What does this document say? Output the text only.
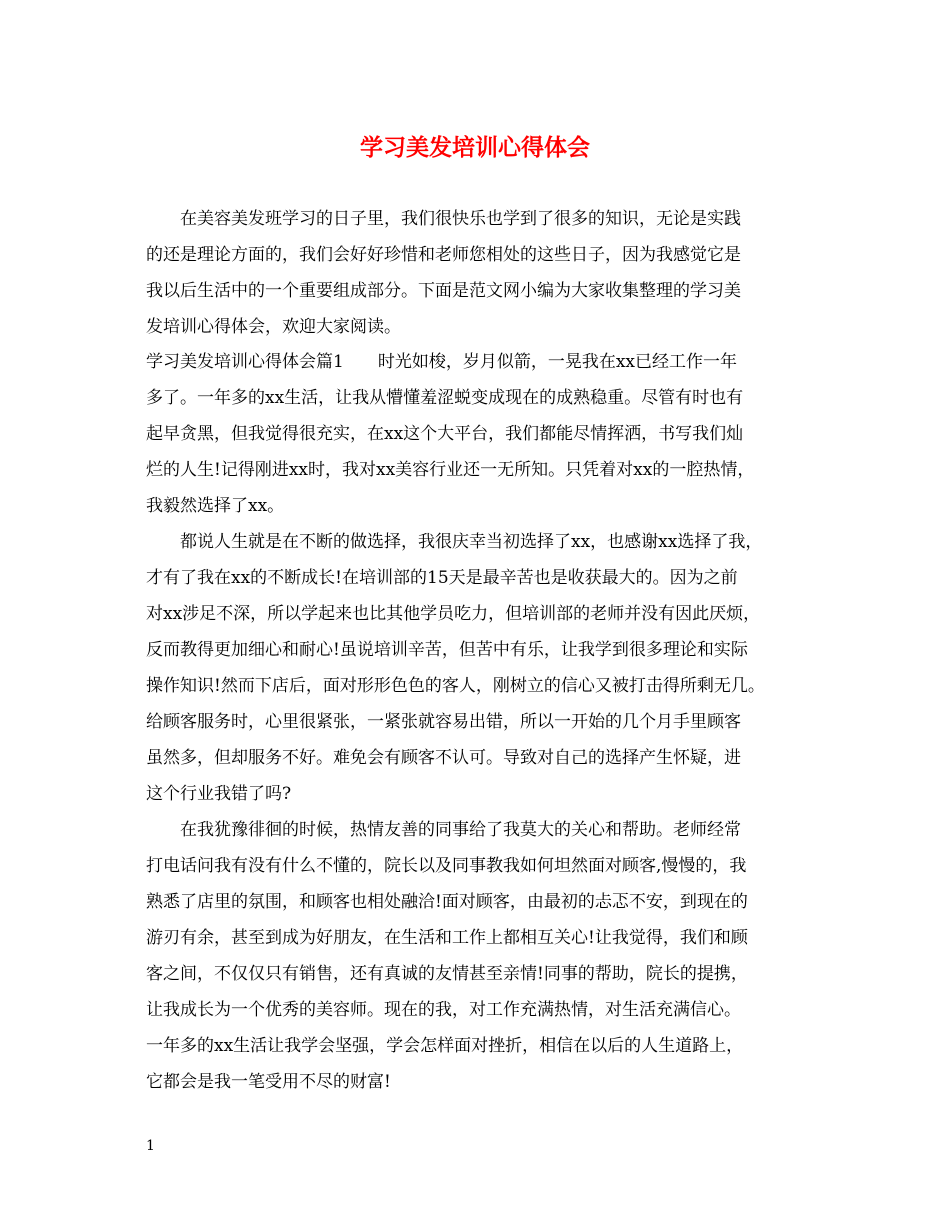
学习美发培训心得体会
在美容美发班学习的日子里，我们很快乐也学到了很多的知识，无论是实践
的还是理论方面的，我们会好好珍惜和老师您相处的这些日子，因为我感觉它是
我以后生活中的一个重要组成部分。下面是范文网小编为大家收集整理的学习美
发培训心得体会，欢迎大家阅读。
学习美发培训心得体会篇1　　时光如梭，岁月似箭，一晃我在xx已经工作一年
多了。一年多的xx生活，让我从懵懂羞涩蜕变成现在的成熟稳重。尽管有时也有
起早贪黑，但我觉得很充实，在xx这个大平台，我们都能尽情挥洒，书写我们灿
烂的人生!记得刚进xx时，我对xx美容行业还一无所知。只凭着对xx的一腔热情，
我毅然选择了xx。
都说人生就是在不断的做选择，我很庆幸当初选择了xx，也感谢xx选择了我，
才有了我在xx的不断成长!在培训部的15天是最辛苦也是收获最大的。因为之前
对xx涉足不深，所以学起来也比其他学员吃力，但培训部的老师并没有因此厌烦，
反而教得更加细心和耐心!虽说培训辛苦，但苦中有乐，让我学到很多理论和实际
操作知识!然而下店后，面对形形色色的客人，刚树立的信心又被打击得所剩无几。
给顾客服务时，心里很紧张，一紧张就容易出错，所以一开始的几个月手里顾客
虽然多，但却服务不好。难免会有顾客不认可。导致对自己的选择产生怀疑，进
这个行业我错了吗?
在我犹豫徘徊的时候，热情友善的同事给了我莫大的关心和帮助。老师经常
打电话问我有没有什么不懂的，院长以及同事教我如何坦然面对顾客,慢慢的，我
熟悉了店里的氛围，和顾客也相处融洽!面对顾客，由最初的忐忑不安，到现在的
游刃有余，甚至到成为好朋友，在生活和工作上都相互关心!让我觉得，我们和顾
客之间，不仅仅只有销售，还有真诚的友情甚至亲情!同事的帮助，院长的提携，
让我成长为一个优秀的美容师。现在的我，对工作充满热情，对生活充满信心。
一年多的xx生活让我学会坚强，学会怎样面对挫折，相信在以后的人生道路上，
它都会是我一笔受用不尽的财富!
1
